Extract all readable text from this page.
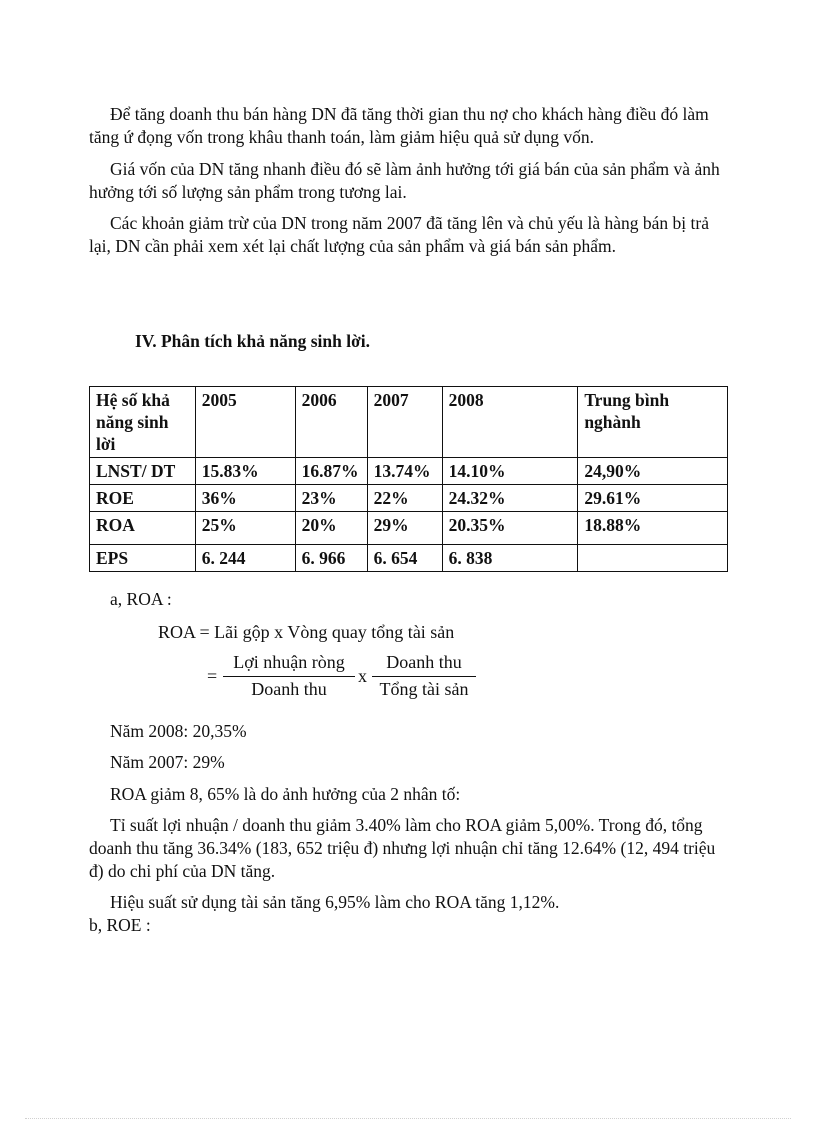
Để tăng doanh thu bán hàng DN đã tăng thời gian thu nợ cho khách hàng điều đó làm tăng ứ đọng vốn trong khâu thanh toán, làm giảm hiệu quả sử dụng vốn.

Giá vốn của DN tăng nhanh điều đó sẽ làm ảnh hưởng tới giá bán của sản phẩm và ảnh hưởng tới số lượng sản phẩm trong tương lai.

Các khoản giảm trừ của DN trong năm 2007 đã tăng lên và chủ yếu là hàng bán bị trả lại, DN cần phải xem xét lại chất lượng của sản phẩm và giá bán sản phẩm.

IV. Phân tích khả năng sinh lời.
Hệ số khả năng sinh lời	2005	2006	2007	2008	Trung bình nghành
LNST/ DT	15.83%	16.87%	13.74%	14.10%	24,90%
ROE	36%	23%	22%	24.32%	29.61%
ROA	25%	20%	29%	20.35%	18.88%
EPS	6. 244	6. 966	6. 654	6. 838	
a, ROA :
ROA = Lãi gộp x Vòng quay tổng tài sản
=
Lợi nhuận ròng
Doanh thu
x
Doanh thu
Tổng tài sản

Năm 2008: 20,35%

Năm 2007: 29%

ROA giảm 8, 65% là do ảnh hưởng của 2 nhân tố:

Tỉ suất lợi nhuận / doanh thu giảm 3.40% làm cho ROA giảm 5,00%. Trong đó, tổng doanh thu tăng 36.34% (183, 652 triệu đ) nhưng lợi nhuận chỉ tăng 12.64% (12, 494 triệu đ) do chi phí của DN tăng.

Hiệu suất sử dụng tài sản tăng 6,95% làm cho ROA tăng 1,12%.

b, ROE :
